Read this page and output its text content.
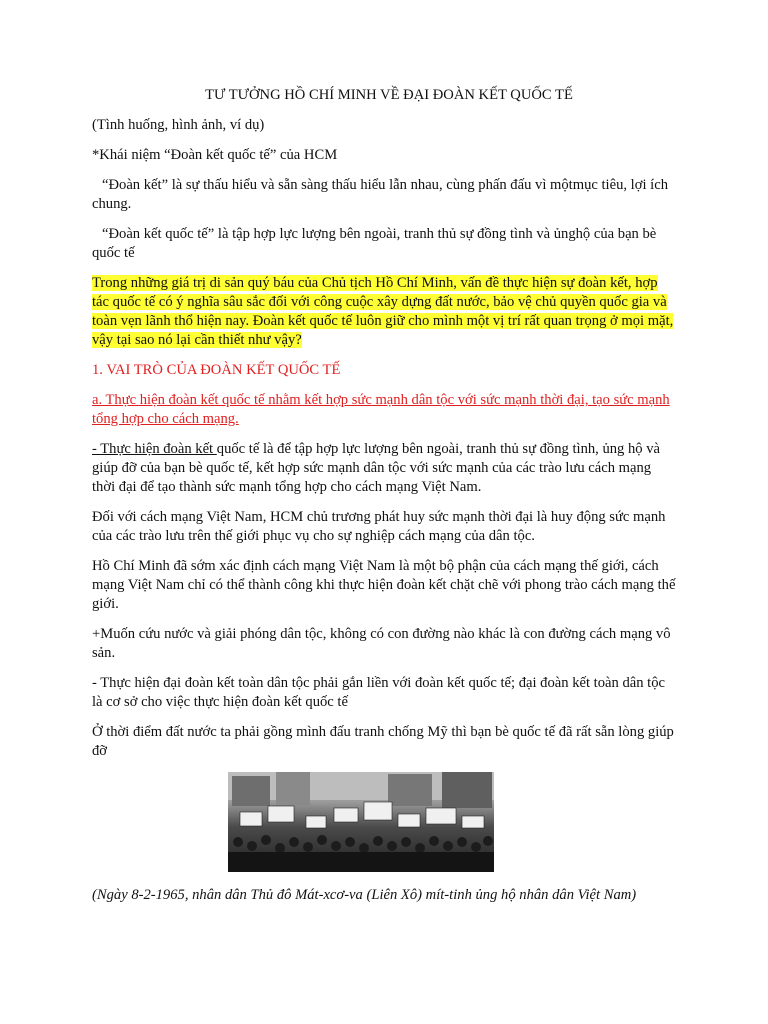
TƯ TƯỞNG HỒ CHÍ MINH VỀ ĐẠI ĐOÀN KẾT QUỐC TẾ

(Tình huống, hình ảnh, ví dụ)

*Khái niệm “Đoàn kết quốc tế” của HCM

“Đoàn kết” là sự thấu hiểu và sẵn sàng thấu hiểu lẫn nhau, cùng phấn đấu vì mộtmục tiêu, lợi ích chung.

“Đoàn kết quốc tế” là tập hợp lực lượng bên ngoài, tranh thủ sự đồng tình và ủnghộ của bạn bè quốc tế

Trong những giá trị di sản quý báu của Chủ tịch Hồ Chí Minh, vấn đề thực hiện sự đoàn kết, hợp tác quốc tế có ý nghĩa sâu sắc đối với công cuộc xây dựng đất nước, bảo vệ chủ quyền quốc gia và toàn vẹn lãnh thổ hiện nay. Đoàn kết quốc tế luôn giữ cho mình một vị trí rất quan trọng ở mọi mặt, vậy tại sao nó lại cần thiết như vậy?

1. VAI TRÒ CỦA ĐOÀN KẾT QUỐC TẾ

a. Thực hiện đoàn kết quốc tế nhằm kết hợp sức mạnh dân tộc với sức mạnh thời đại, tạo sức mạnh tổng hợp cho cách mạng.

- Thực hiện đoàn kết quốc tế là để tập hợp lực lượng bên ngoài, tranh thủ sự đồng tình, ủng hộ và giúp đỡ của bạn bè quốc tế, kết hợp sức mạnh dân tộc với sức mạnh của các trào lưu cách mạng thời đại để tạo thành sức mạnh tổng hợp cho cách mạng Việt Nam.

Đối với cách mạng Việt Nam, HCM chủ trương phát huy sức mạnh thời đại là huy động sức mạnh của các trào lưu trên thế giới phục vụ cho sự nghiệp cách mạng của dân tộc.

Hồ Chí Minh đã sớm xác định cách mạng Việt Nam là một bộ phận của cách mạng thế giới, cách mạng Việt Nam chỉ có thể thành công khi thực hiện đoàn kết chặt chẽ với phong trào cách mạng thế giới.

+Muốn cứu nước và giải phóng dân tộc, không có con đường nào khác là con đường cách mạng vô sản.

- Thực hiện đại đoàn kết toàn dân tộc phải gắn liền với đoàn kết quốc tế; đại đoàn kết toàn dân tộc là cơ sở cho việc thực hiện đoàn kết quốc tế

Ở thời điểm đất nước ta phải gồng mình đấu tranh chống Mỹ thì bạn bè quốc tế đã rất sẵn lòng giúp đỡ

(Ngày 8-2-1965, nhân dân Thủ đô Mát-xcơ-va (Liên Xô) mít-tinh ủng hộ nhân dân Việt Nam)
